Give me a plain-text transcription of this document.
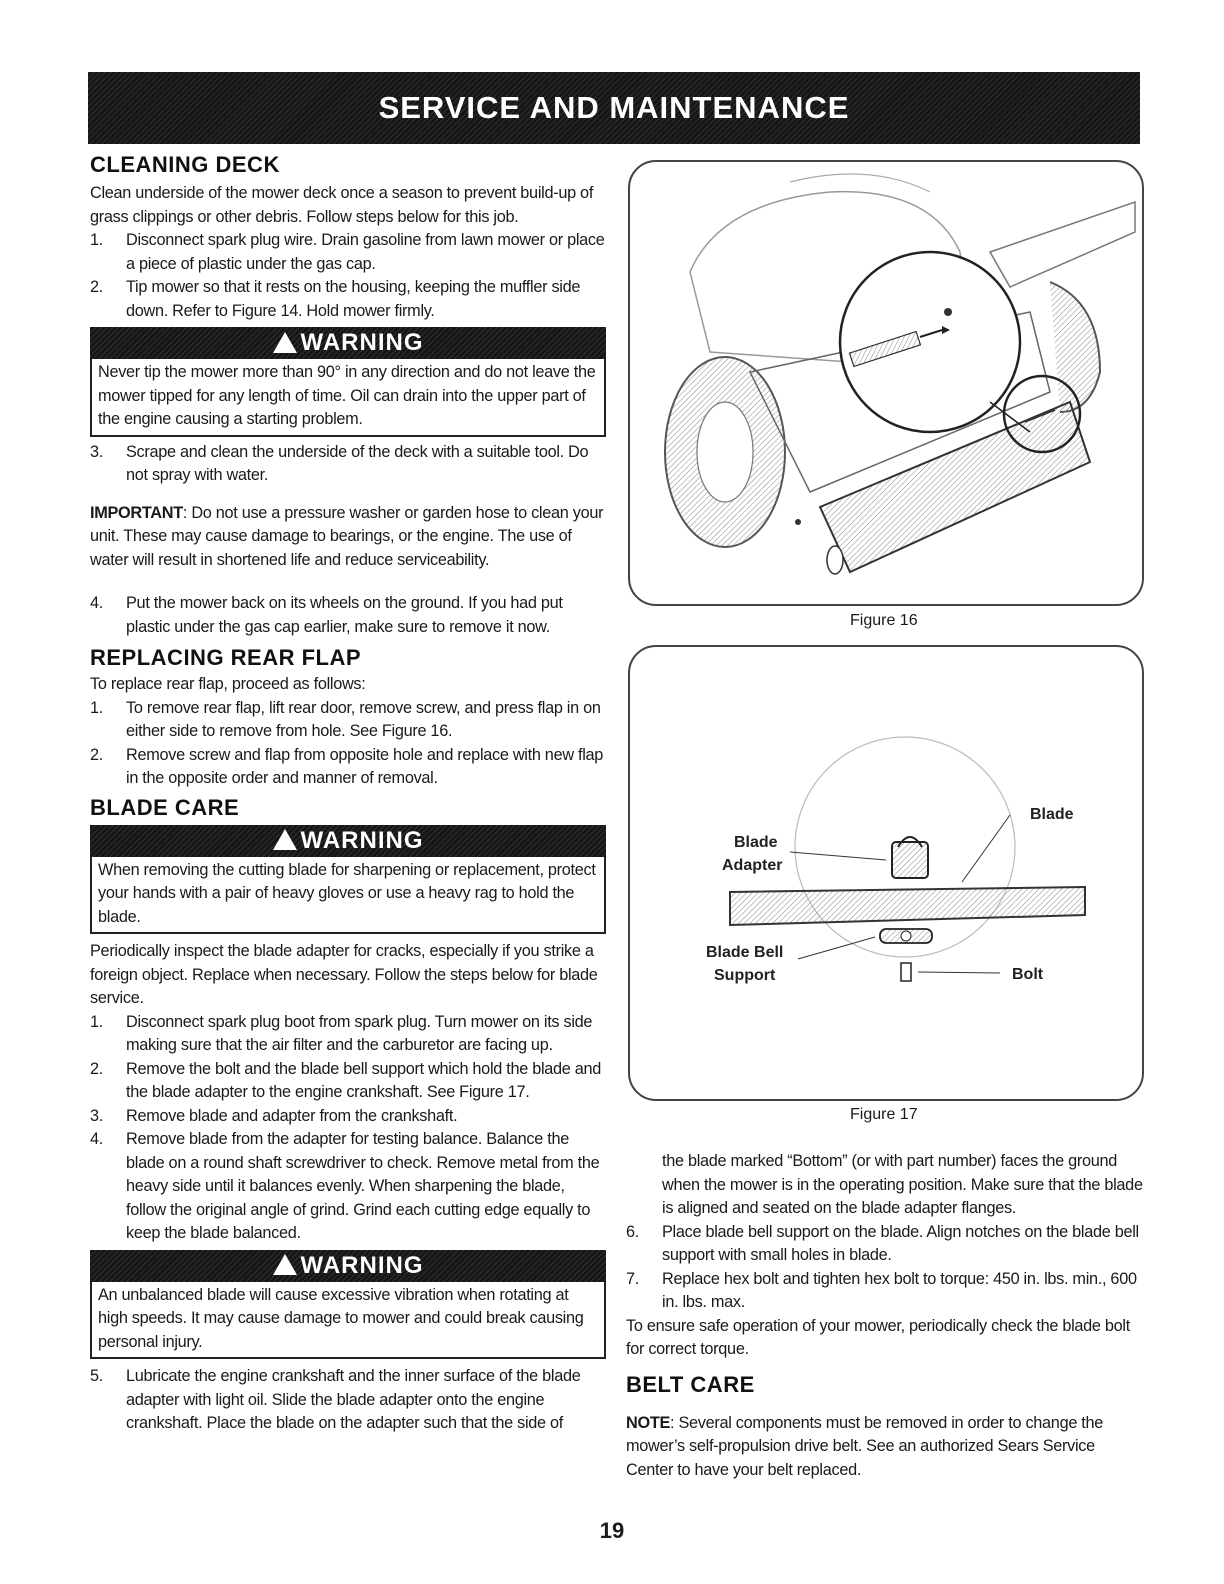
SERVICE AND MAINTENANCE
CLEANING DECK

Clean underside of the mower deck once a season to prevent build-up of grass clippings or other debris. Follow steps below for this job.

1. Disconnect spark plug wire. Drain gasoline from lawn mower or place a piece of plastic under the gas cap.
2. Tip mower so that it rests on the housing, keeping the muffler side down. Refer to Figure 14. Hold mower firmly.
WARNING

Never tip the mower more than 90° in any direction and do not leave the mower tipped for any length of time. Oil can drain into the upper part of the engine causing a starting problem.

3. Scrape and clean the underside of the deck with a suitable tool. Do not spray with water.

IMPORTANT: Do not use a pressure washer or garden hose to clean your unit. These may cause damage to bearings, or the engine. The use of water will result in shortened life and reduce serviceability.

4. Put the mower back on its wheels on the ground. If you had put plastic under the gas cap earlier, make sure to remove it now.
REPLACING REAR FLAP

To replace rear flap, proceed as follows:

1. To remove rear flap, lift rear door, remove screw, and press flap in on either side to remove from hole. See Figure 16.
2. Remove screw and flap from opposite hole and replace with new flap in the opposite order and manner of removal.
BLADE CARE
WARNING

When removing the cutting blade for sharpening or replacement, protect your hands with a pair of heavy gloves or use a heavy rag to hold the blade.

Periodically inspect the blade adapter for cracks, especially if you strike a foreign object. Replace when necessary. Follow the steps below for blade service.

1. Disconnect spark plug boot from spark plug. Turn mower on its side making sure that the air filter and the carburetor are facing up.
2. Remove the bolt and the blade bell support which hold the blade and the blade adapter to the engine crankshaft. See Figure 17.
3. Remove blade and adapter from the crankshaft.
4. Remove blade from the adapter for testing balance. Balance the blade on a round shaft screwdriver to check. Remove metal from the heavy side until it balances evenly. When sharpening the blade, follow the original angle of grind. Grind each cutting edge equally to keep the blade balanced.
WARNING

An unbalanced blade will cause excessive vibration when rotating at high speeds. It may cause damage to mower and could break causing personal injury.

5. Lubricate the engine crankshaft and the inner surface of the blade adapter with light oil. Slide the blade adapter onto the engine crankshaft. Place the blade on the adapter such that the side of
Figure 16
Blade
Blade
Adapter
Blade Bell
Support	Bolt
Figure 17

the blade marked “Bottom” (or with part number) faces the ground when the mower is in the operating position. Make sure that the blade is aligned and seated on the blade adapter flanges.

6. Place blade bell support on the blade. Align notches on the blade bell support with small holes in blade.
7. Replace hex bolt and tighten hex bolt to torque: 450 in. lbs. min., 600 in. lbs. max.

To ensure safe operation of your mower, periodically check the blade bolt for correct torque.

BELT CARE

NOTE: Several components must be removed in order to change the mower’s self-propulsion drive belt. See an authorized Sears Service Center to have your belt replaced.

19
